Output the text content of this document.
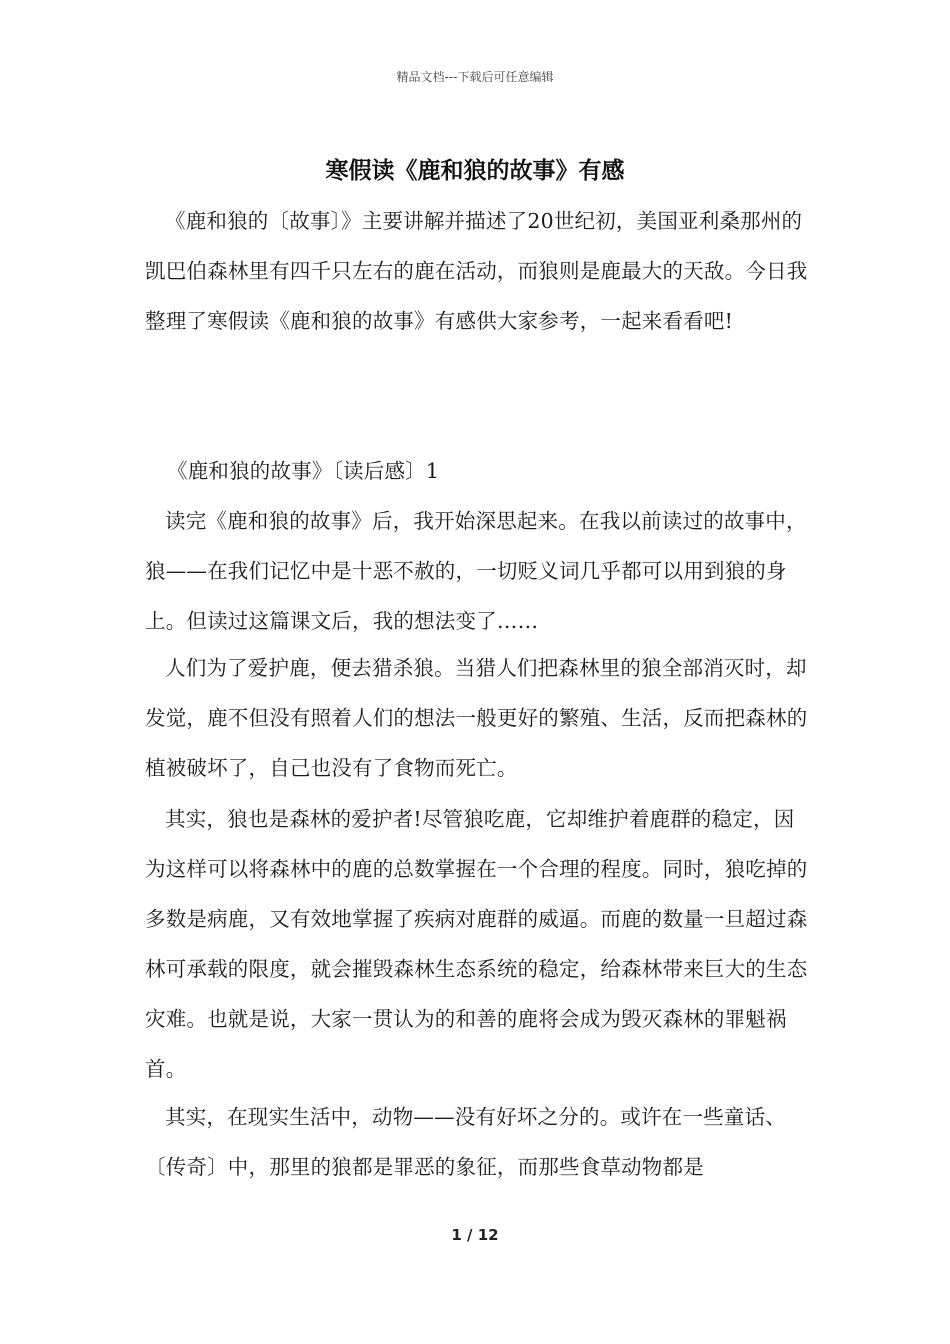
精品文档---下载后可任意编辑
寒假读《鹿和狼的故事》有感

《鹿和狼的〔故事〕》主要讲解并描述了20世纪初，美国亚利桑那州的凯巴伯森林里有四千只左右的鹿在活动，而狼则是鹿最大的天敌。今日我整理了寒假读《鹿和狼的故事》有感供大家参考，一起来看看吧!

《鹿和狼的故事》〔读后感〕1

读完《鹿和狼的故事》后，我开始深思起来。在我以前读过的故事中，狼——在我们记忆中是十恶不赦的，一切贬义词几乎都可以用到狼的身上。但读过这篇课文后，我的想法变了……

人们为了爱护鹿，便去猎杀狼。当猎人们把森林里的狼全部消灭时，却发觉，鹿不但没有照着人们的想法一般更好的繁殖、生活，反而把森林的植被破坏了，自己也没有了食物而死亡。

其实，狼也是森林的爱护者!尽管狼吃鹿，它却维护着鹿群的稳定，因为这样可以将森林中的鹿的总数掌握在一个合理的程度。同时，狼吃掉的多数是病鹿，又有效地掌握了疾病对鹿群的威逼。而鹿的数量一旦超过森林可承载的限度，就会摧毁森林生态系统的稳定，给森林带来巨大的生态灾难。也就是说，大家一贯认为的和善的鹿将会成为毁灭森林的罪魁祸首。

其实，在现实生活中，动物——没有好坏之分的。或许在一些童话、〔传奇〕中，那里的狼都是罪恶的象征，而那些食草动物都是

1 / 12
